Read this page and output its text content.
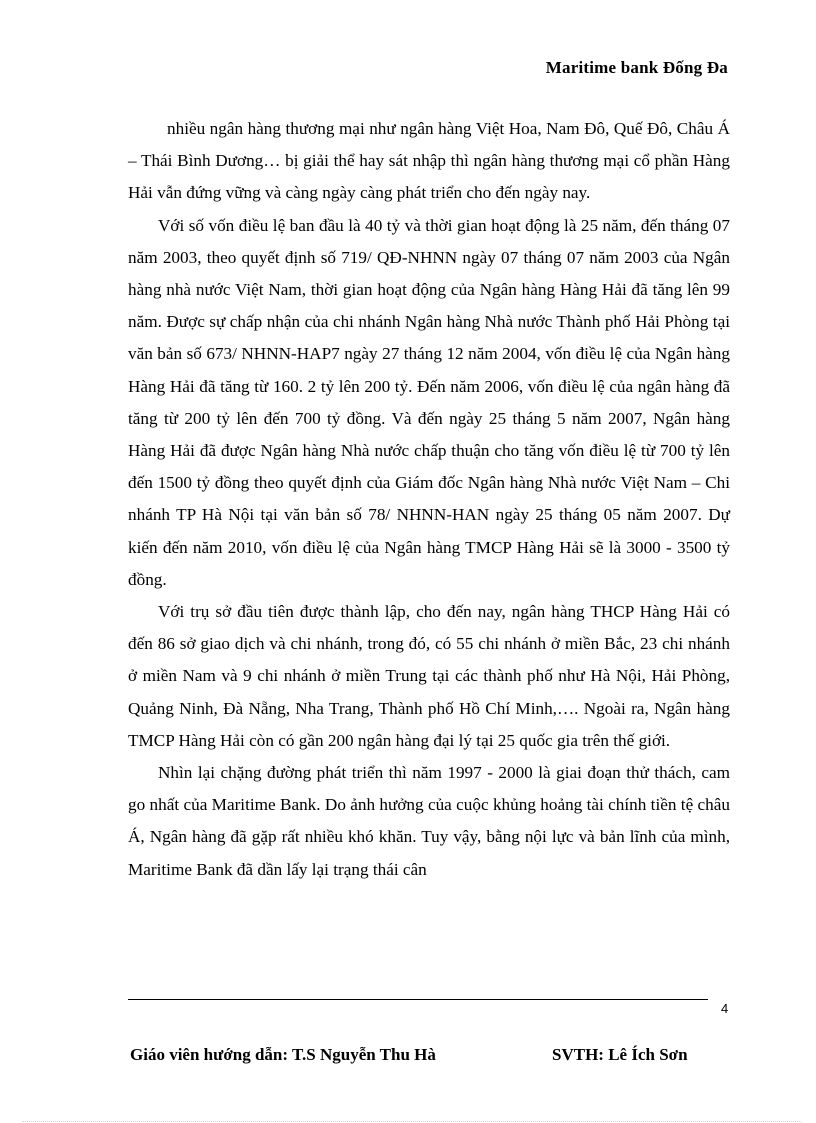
Maritime bank Đống Đa

nhiều ngân hàng thương mại như ngân hàng Việt Hoa, Nam Đô, Quế Đô, Châu Á – Thái Bình Dương… bị giải thể hay sát nhập thì ngân hàng thương mại cổ phần Hàng Hải vẫn đứng vững và càng ngày càng phát triển cho đến ngày nay.

Với số vốn điều lệ ban đầu là 40 tỷ và thời gian hoạt động là 25 năm, đến tháng 07 năm 2003, theo quyết định số 719/ QĐ-NHNN ngày 07 tháng 07 năm 2003 của Ngân hàng nhà nước Việt Nam, thời gian hoạt động của Ngân hàng Hàng Hải đã tăng lên 99 năm. Được sự chấp nhận của chi nhánh Ngân hàng Nhà nước Thành phố Hải Phòng tại văn bản số 673/ NHNN-HAP7 ngày 27 tháng 12 năm 2004, vốn điều lệ của Ngân hàng Hàng Hải đã tăng từ 160. 2 tỷ lên 200 tỷ. Đến năm 2006, vốn điều lệ của ngân hàng đã tăng từ 200 tỷ lên đến 700 tỷ đồng. Và đến ngày 25 tháng 5 năm 2007, Ngân hàng Hàng Hải đã được Ngân hàng Nhà nước chấp thuận cho tăng vốn điều lệ từ 700 tỷ lên đến 1500 tỷ đồng theo quyết định của Giám đốc Ngân hàng Nhà nước Việt Nam – Chi nhánh TP Hà Nội tại văn bản số 78/ NHNN-HAN ngày 25 tháng 05 năm 2007. Dự kiến đến năm 2010, vốn điều lệ của Ngân hàng TMCP Hàng Hải sẽ là 3000 - 3500 tỷ đồng.

Với trụ sở đầu tiên được thành lập, cho đến nay, ngân hàng THCP Hàng Hải có đến 86 sở giao dịch và chi nhánh, trong đó, có 55 chi nhánh ở miền Bắc, 23 chi nhánh ở miền Nam và 9 chi nhánh ở miền Trung tại các thành phố như Hà Nội, Hải Phòng, Quảng Ninh, Đà Nẵng, Nha Trang, Thành phố Hồ Chí Minh,…. Ngoài ra, Ngân hàng TMCP Hàng Hải còn có gần 200 ngân hàng đại lý tại 25 quốc gia trên thế giới.

Nhìn lại chặng đường phát triển thì năm 1997 - 2000 là giai đoạn thử thách, cam go nhất của Maritime Bank. Do ảnh hưởng của cuộc khủng hoảng tài chính tiền tệ châu Á, Ngân hàng đã gặp rất nhiều khó khăn. Tuy vậy, bằng nội lực và bản lĩnh của mình, Maritime Bank đã dần lấy lại trạng thái cân

4
Giáo viên hướng dẫn: T.S Nguyễn Thu Hà	SVTH: Lê Ích Sơn
